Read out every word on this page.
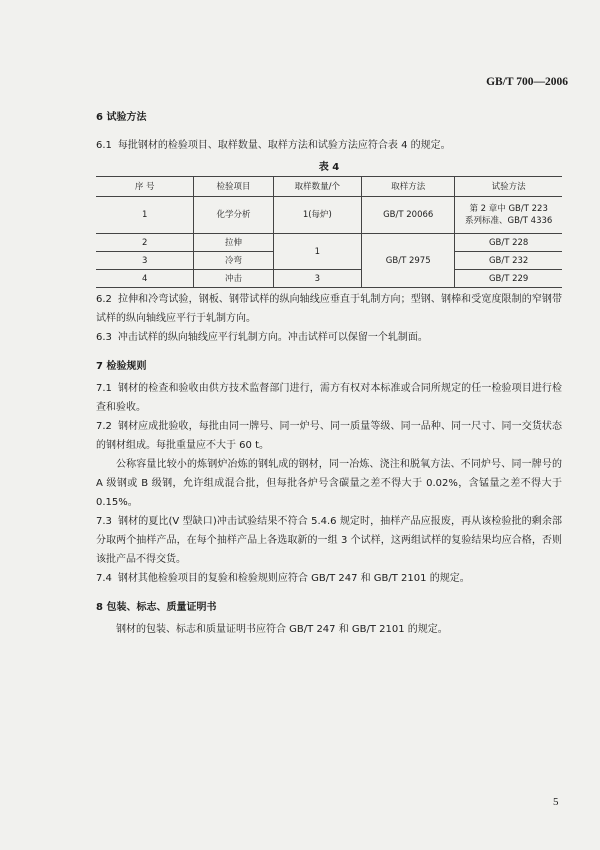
GB/T 700—2006

6 试验方法

6.1 每批钢材的检验项目、取样数量、取样方法和试验方法应符合表 4 的规定。

表 4

序 号	检验项目	取样数量/个	取样方法	试验方法
1	化学分析	1(每炉)	GB/T 20066	第 2 章中 GB/T 223
系列标准、GB/T 4336

2	拉伸	1	GB/T 2975	GB/T 228
3	冷弯			GB/T 232
4	冲击	3		GB/T 229

6.2 拉伸和冷弯试验，钢板、钢带试样的纵向轴线应垂直于轧制方向；型钢、钢棒和受宽度限制的窄钢带试样的纵向轴线应平行于轧制方向。

6.3 冲击试样的纵向轴线应平行轧制方向。冲击试样可以保留一个轧制面。

7 检验规则

7.1 钢材的检查和验收由供方技术监督部门进行，需方有权对本标准或合同所规定的任一检验项目进行检查和验收。

7.2 钢材应成批验收，每批由同一牌号、同一炉号、同一质量等级、同一品种、同一尺寸、同一交货状态的钢材组成。每批重量应不大于 60 t。

公称容量比较小的炼钢炉冶炼的钢轧成的钢材，同一冶炼、浇注和脱氧方法、不同炉号、同一牌号的 A 级钢或 B 级钢，允许组成混合批，但每批各炉号含碳量之差不得大于 0.02%，含锰量之差不得大于 0.15%。

7.3 钢材的夏比(V 型缺口)冲击试验结果不符合 5.4.6 规定时，抽样产品应报废，再从该检验批的剩余部分取两个抽样产品，在每个抽样产品上各选取新的一组 3 个试样，这两组试样的复验结果均应合格，否则该批产品不得交货。

7.4 钢材其他检验项目的复验和检验规则应符合 GB/T 247 和 GB/T 2101 的规定。

8 包装、标志、质量证明书

钢材的包装、标志和质量证明书应符合 GB/T 247 和 GB/T 2101 的规定。

5
